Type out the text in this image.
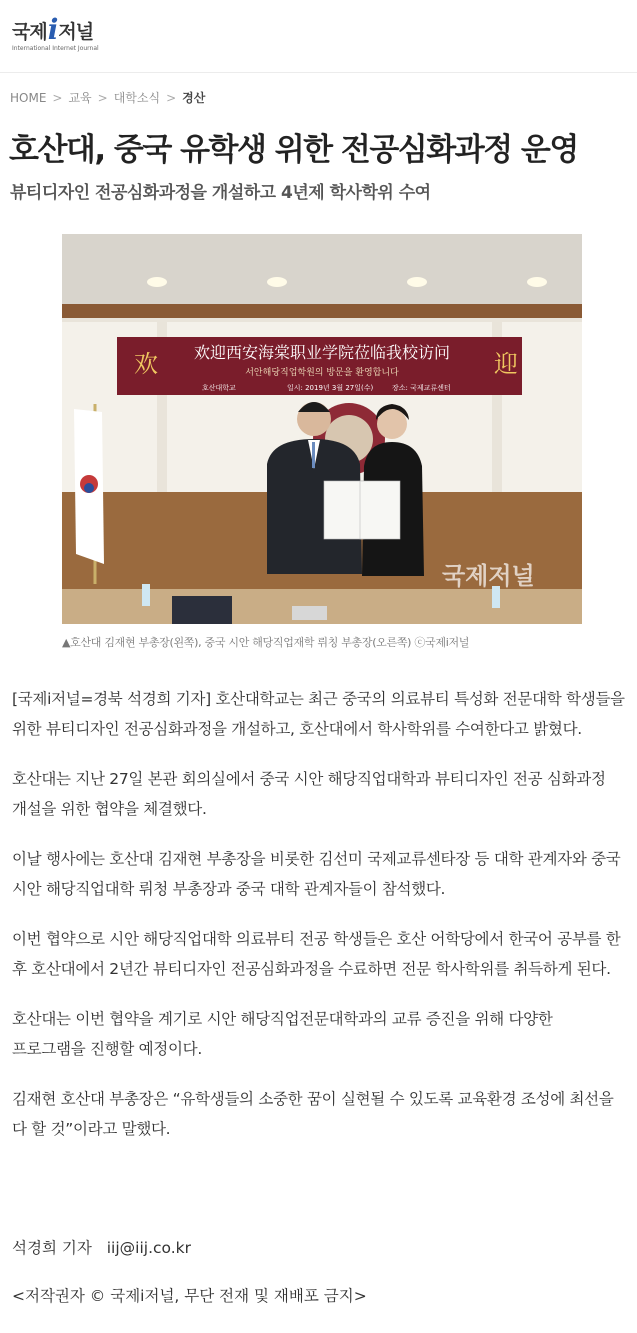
국제 i 저널
International Internet Journal
HOME > 교육 > 대학소식 > 경산
호산대, 중국 유학생 위한 전공심화과정 운영
뷰티디자인 전공심화과정을 개설하고 4년제 학사학위 수여
欢	迎
欢迎西安海棠职业学院莅临我校访问
서안해당직업학원의 방문을 환영합니다
호산대학교	일시: 2019년 3월 27일(수)	장소: 국제교류센터
국제저널
▲호산대 김재현 부총장(왼쪽), 중국 시안 해당직업재학 뤼칭 부총장(오른쪽) ⓒ국제i저널

[국제i저널=경북 석경희 기자] 호산대학교는 최근 중국의 의료뷰티 특성화 전문대학 학생들을 위한 뷰티디자인 전공심화과정을 개설하고, 호산대에서 학사학위를 수여한다고 밝혔다.

호산대는 지난 27일 본관 회의실에서 중국 시안 해당직업대학과 뷰티디자인 전공 심화과정 개설을 위한 협약을 체결했다.

이날 행사에는 호산대 김재현 부총장을 비롯한 김선미 국제교류센타장 등 대학 관계자와 중국 시안 해당직업대학 뤼청 부총장과 중국 대학 관계자들이 참석했다.

이번 협약으로 시안 해당직업대학 의료뷰티 전공 학생들은 호산 어학당에서 한국어 공부를 한 후 호산대에서 2년간 뷰티디자인 전공심화과정을 수료하면 전문 학사학위를 취득하게 된다.

호산대는 이번 협약을 계기로 시안 해당직업전문대학과의 교류 증진을 위해 다양한 프로그램을 진행할 예정이다.

김재현 호산대 부총장은 “유학생들의 소중한 꿈이 실현될 수 있도록 교육환경 조성에 최선을 다 할 것”이라고 말했다.

석경희 기자 iij@iij.co.kr
<저작권자 © 국제i저널, 무단 전재 및 재배포 금지>
